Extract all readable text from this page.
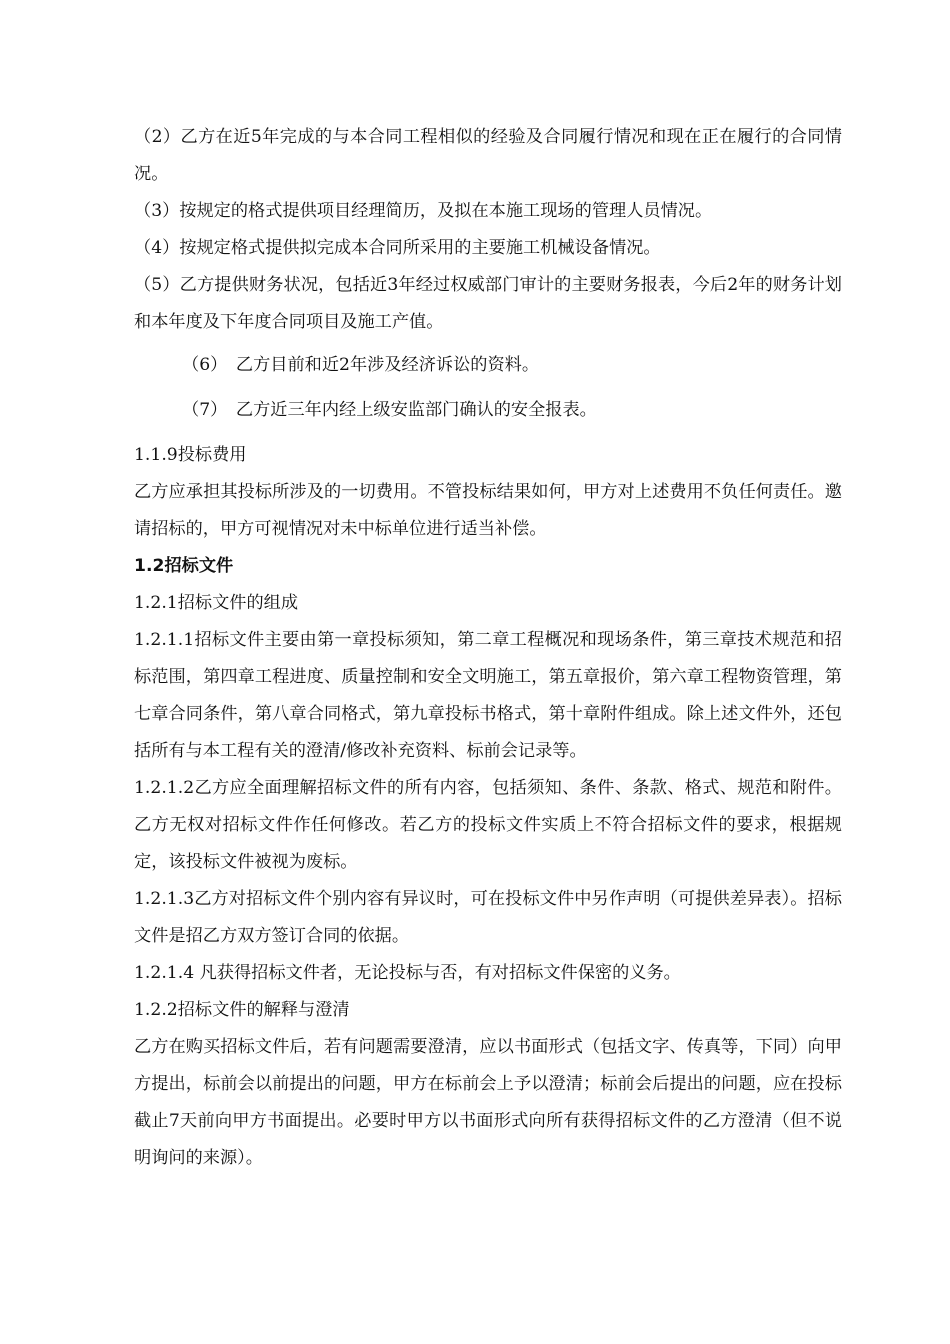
（2）乙方在近5年完成的与本合同工程相似的经验及合同履行情况和现在正在履行的合同情况。

（3）按规定的格式提供项目经理简历，及拟在本施工现场的管理人员情况。

（4）按规定格式提供拟完成本合同所采用的主要施工机械设备情况。

（5）乙方提供财务状况，包括近3年经过权威部门审计的主要财务报表，今后2年的财务计划和本年度及下年度合同项目及施工产值。

（6）　乙方目前和近2年涉及经济诉讼的资料。

（7）　乙方近三年内经上级安监部门确认的安全报表。

1.1.9投标费用

乙方应承担其投标所涉及的一切费用。不管投标结果如何，甲方对上述费用不负任何责任。邀请招标的，甲方可视情况对未中标单位进行适当补偿。

1.2招标文件

1.2.1招标文件的组成

1.2.1.1招标文件主要由第一章投标须知，第二章工程概况和现场条件，第三章技术规范和招标范围，第四章工程进度、质量控制和安全文明施工，第五章报价，第六章工程物资管理，第七章合同条件，第八章合同格式，第九章投标书格式，第十章附件组成。除上述文件外，还包括所有与本工程有关的澄清/修改补充资料、标前会记录等。

1.2.1.2乙方应全面理解招标文件的所有内容，包括须知、条件、条款、格式、规范和附件。乙方无权对招标文件作任何修改。若乙方的投标文件实质上不符合招标文件的要求，根据规定，该投标文件被视为废标。

1.2.1.3乙方对招标文件个别内容有异议时，可在投标文件中另作声明（可提供差异表）。招标文件是招乙方双方签订合同的依据。

1.2.1.4 凡获得招标文件者，无论投标与否，有对招标文件保密的义务。

1.2.2招标文件的解释与澄清

乙方在购买招标文件后，若有问题需要澄清，应以书面形式（包括文字、传真等，下同）向甲方提出，标前会以前提出的问题，甲方在标前会上予以澄清；标前会后提出的问题，应在投标截止7天前向甲方书面提出。必要时甲方以书面形式向所有获得招标文件的乙方澄清（但不说明询问的来源）。
